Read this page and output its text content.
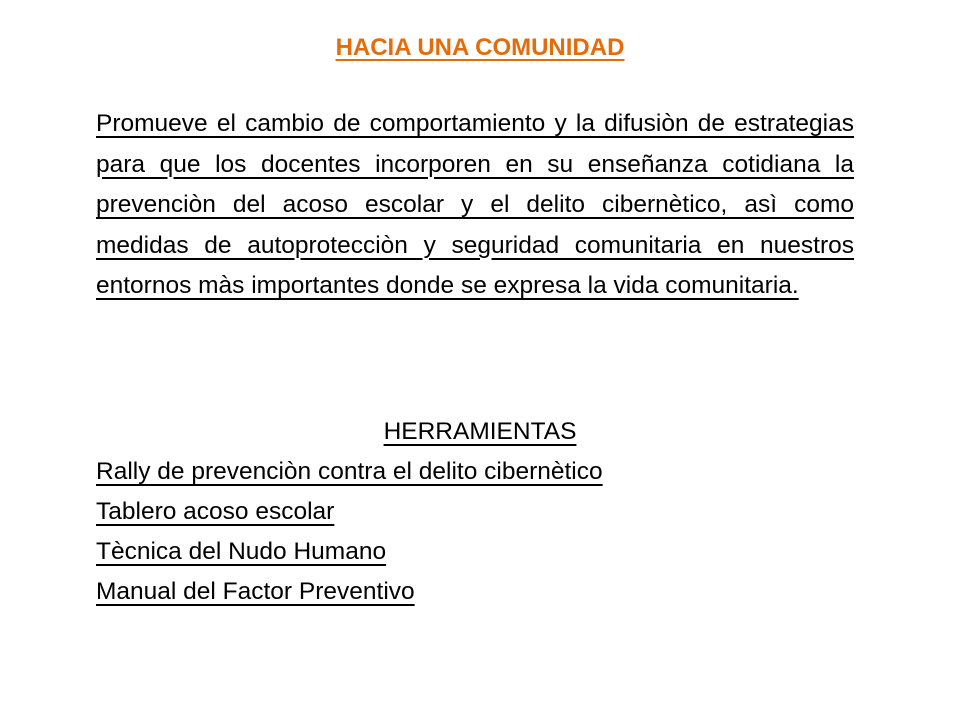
HACIA UNA COMUNIDAD

Promueve el cambio de comportamiento y la difusiòn de estrategias para que los docentes incorporen en su enseñanza cotidiana la prevenciòn del acoso escolar y el delito cibernètico, asì como medidas de autoprotecciòn y seguridad comunitaria en nuestros entornos màs importantes donde se expresa la vida comunitaria.

HERRAMIENTAS
Rally de prevenciòn contra el delito cibernètico
Tablero acoso escolar
Tècnica del Nudo Humano
Manual del Factor Preventivo
